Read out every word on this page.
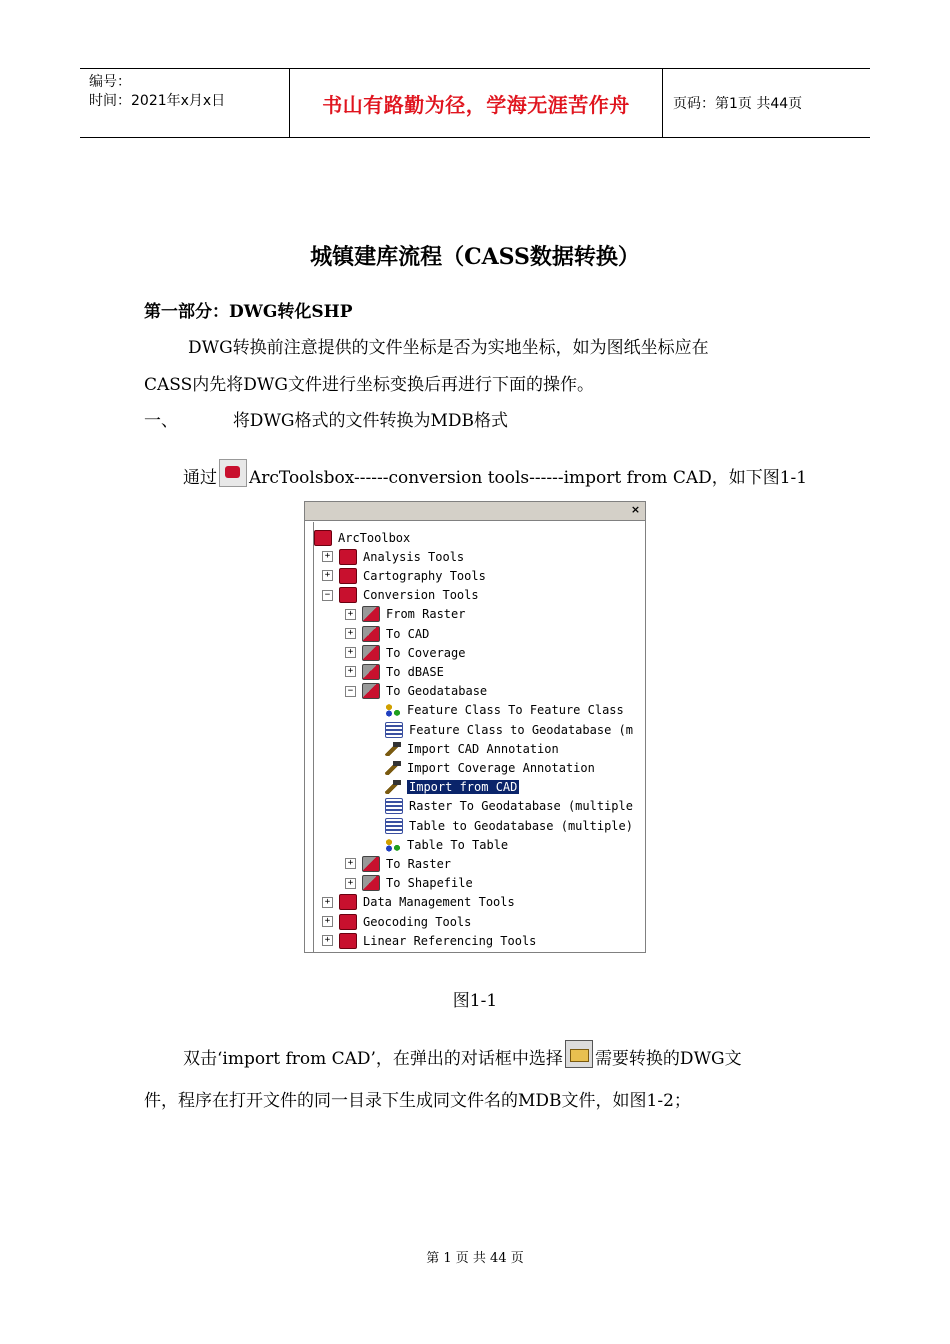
编号：
时间：2021年x月x日	书山有路勤为径，学海无涯苦作舟	页码：第1页 共44页
城镇建库流程（CASS数据转换）
第一部分：DWG转化SHP
DWG转换前注意提供的文件坐标是否为实地坐标，如为图纸坐标应在
CASS内先将DWG文件进行坐标变换后再进行下面的操作。
一、	将DWG格式的文件转换为MDB格式
通过 ArcToolsbox------conversion tools------import from CAD，如下图1-1
×
ArcToolbox
+	Analysis Tools
+	Cartography Tools
−	Conversion Tools
+	From Raster
+	To CAD
+	To Coverage
+	To dBASE
−	To Geodatabase
Feature Class To Feature Class
Feature Class to Geodatabase (m
Import CAD Annotation
Import Coverage Annotation
Import from CAD
Raster To Geodatabase (multiple
Table to Geodatabase (multiple)
Table To Table
+	To Raster
+	To Shapefile
+	Data Management Tools
+	Geocoding Tools
+	Linear Referencing Tools
图1-1
双击‘import from CAD’，在弹出的对话框中选择 需要转换的DWG文
件，程序在打开文件的同一目录下生成同文件名的MDB文件，如图1-2；
第 1 页 共 44 页
